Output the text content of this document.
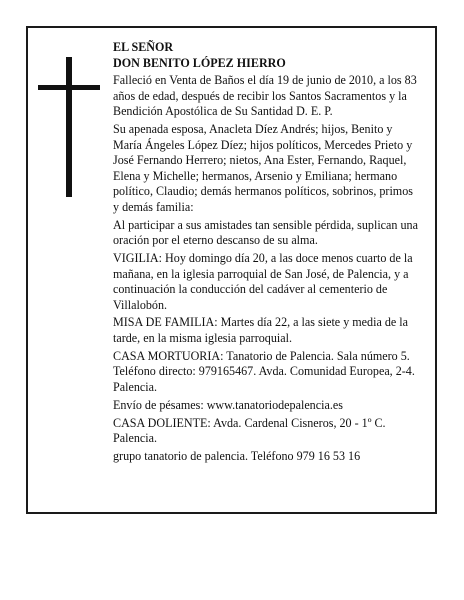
EL SEÑOR
DON BENITO LÓPEZ HIERRO

Falleció en Venta de Baños el día 19 de junio de 2010, a los 83 años de edad, después de recibir los Santos Sacramentos y la Bendición Apostólica de Su Santidad D. E. P.

Su apenada esposa, Anacleta Díez Andrés; hijos, Benito y María Ángeles López Díez; hijos políticos, Mercedes Prieto y José Fernando Herrero; nietos, Ana Ester, Fernando, Raquel, Elena y Michelle; hermanos, Arsenio y Emiliana; hermano político, Claudio; demás hermanos políticos, sobrinos, primos y demás familia:

Al participar a sus amistades tan sensible pérdida, suplican una oración por el eterno descanso de su alma.

VIGILIA: Hoy domingo día 20, a las doce menos cuarto de la mañana, en la iglesia parroquial de San José, de Palencia, y a continuación la conducción del cadáver al cementerio de Villalobón.

MISA DE FAMILIA: Martes día 22, a las siete y media de la tarde, en la misma iglesia parroquial.

CASA MORTUORIA: Tanatorio de Palencia. Sala número 5. Teléfono directo: 979165467. Avda. Comunidad Europea, 2-4. Palencia.

Envío de pésames: www.tanatoriodepalencia.es

CASA DOLIENTE: Avda. Cardenal Cisneros, 20 - 1º C. Palencia.

grupo tanatorio de palencia. Teléfono 979 16 53 16
